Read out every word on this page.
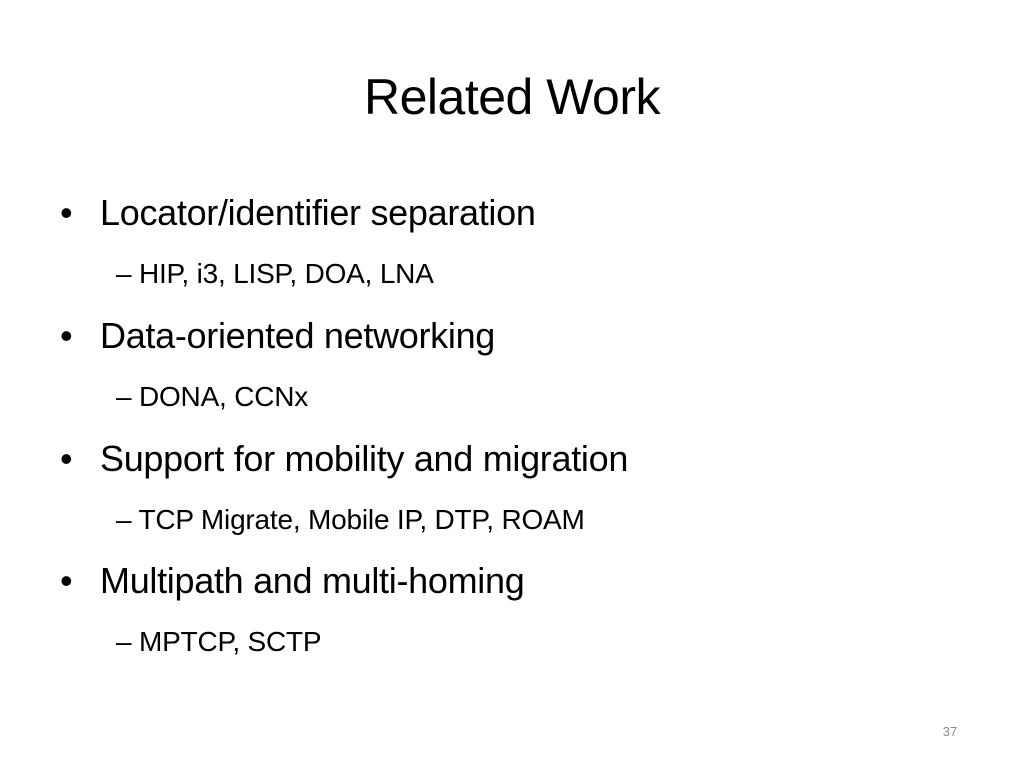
Related Work
• Locator/identifier separation
– HIP, i3, LISP, DOA, LNA
• Data-oriented networking
– DONA, CCNx
• Support for mobility and migration
– TCP Migrate, Mobile IP, DTP, ROAM
• Multipath and multi-homing
– MPTCP, SCTP
37
